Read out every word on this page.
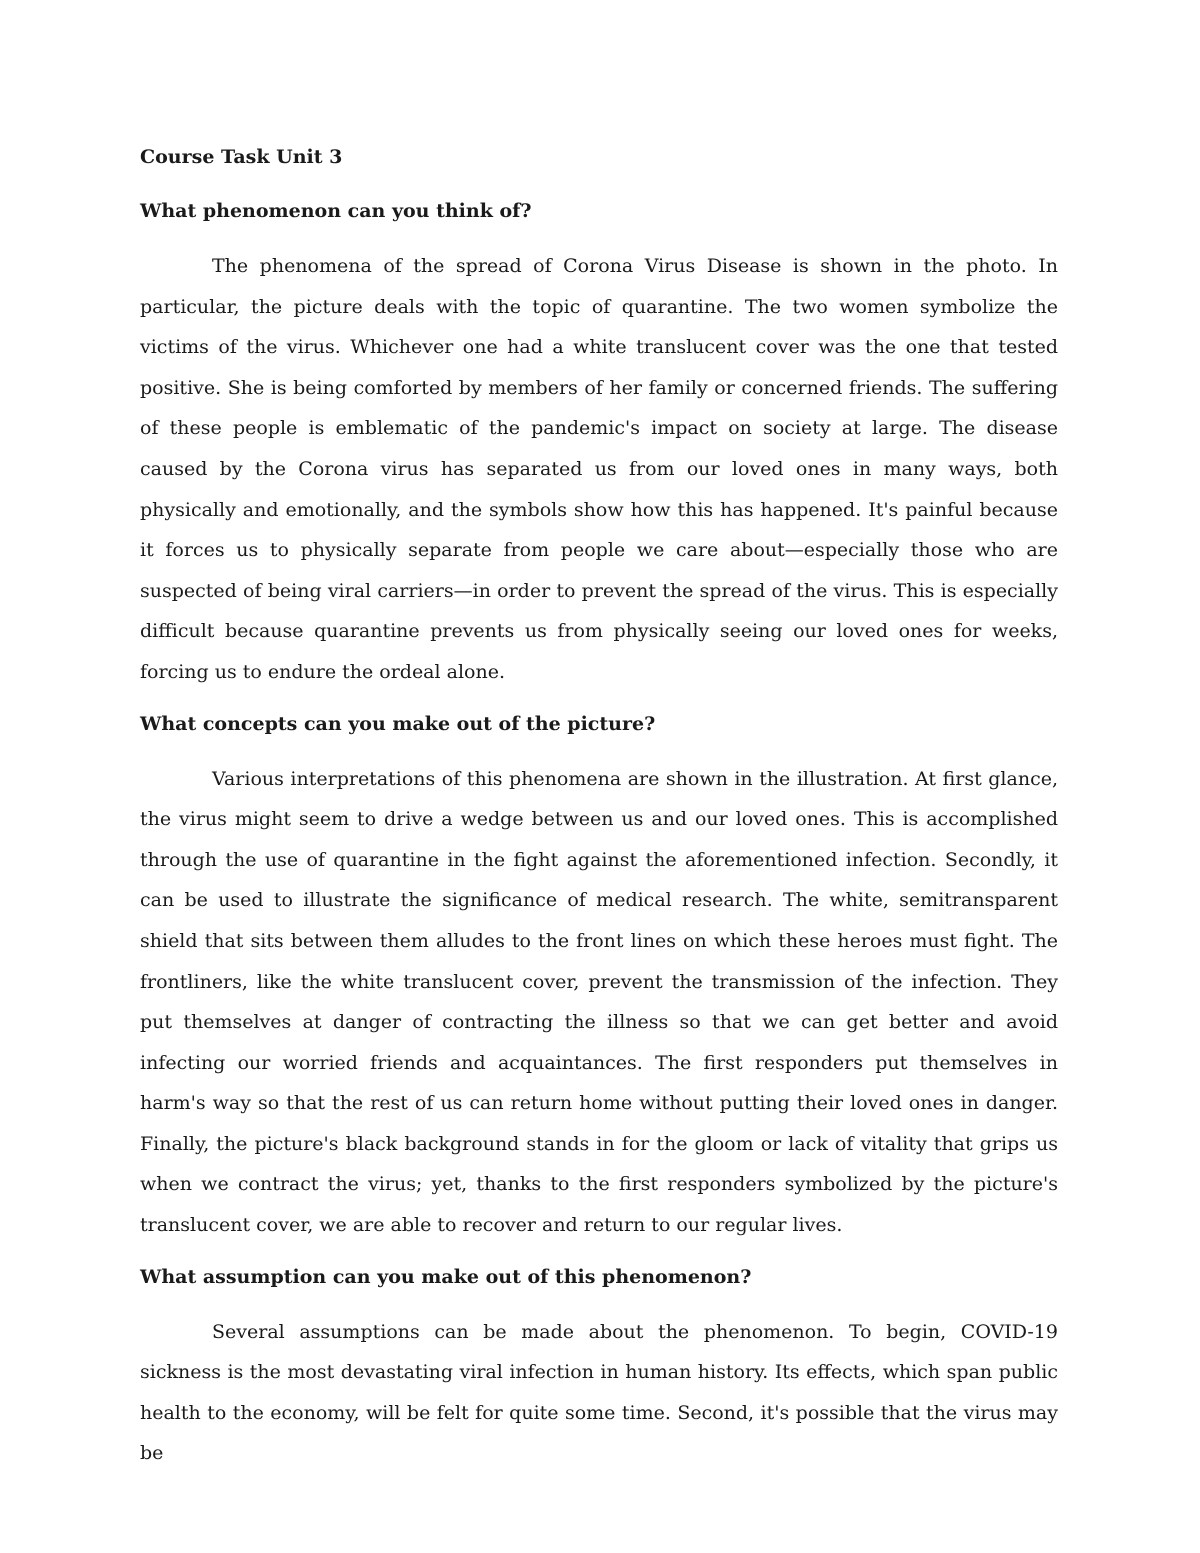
Course Task Unit 3

What phenomenon can you think of?

The phenomena of the spread of Corona Virus Disease is shown in the photo. In particular, the picture deals with the topic of quarantine. The two women symbolize the victims of the virus. Whichever one had a white translucent cover was the one that tested positive. She is being comforted by members of her family or concerned friends. The suffering of these people is emblematic of the pandemic's impact on society at large. The disease caused by the Corona virus has separated us from our loved ones in many ways, both physically and emotionally, and the symbols show how this has happened. It's painful because it forces us to physically separate from people we care about—especially those who are suspected of being viral carriers—in order to prevent the spread of the virus. This is especially difficult because quarantine prevents us from physically seeing our loved ones for weeks, forcing us to endure the ordeal alone.

What concepts can you make out of the picture?

Various interpretations of this phenomena are shown in the illustration. At first glance, the virus might seem to drive a wedge between us and our loved ones. This is accomplished through the use of quarantine in the fight against the aforementioned infection. Secondly, it can be used to illustrate the significance of medical research. The white, semitransparent shield that sits between them alludes to the front lines on which these heroes must fight. The frontliners, like the white translucent cover, prevent the transmission of the infection. They put themselves at danger of contracting the illness so that we can get better and avoid infecting our worried friends and acquaintances. The first responders put themselves in harm's way so that the rest of us can return home without putting their loved ones in danger. Finally, the picture's black background stands in for the gloom or lack of vitality that grips us when we contract the virus; yet, thanks to the first responders symbolized by the picture's translucent cover, we are able to recover and return to our regular lives.

What assumption can you make out of this phenomenon?

Several assumptions can be made about the phenomenon. To begin, COVID-19 sickness is the most devastating viral infection in human history. Its effects, which span public health to the economy, will be felt for quite some time. Second, it's possible that the virus may be
